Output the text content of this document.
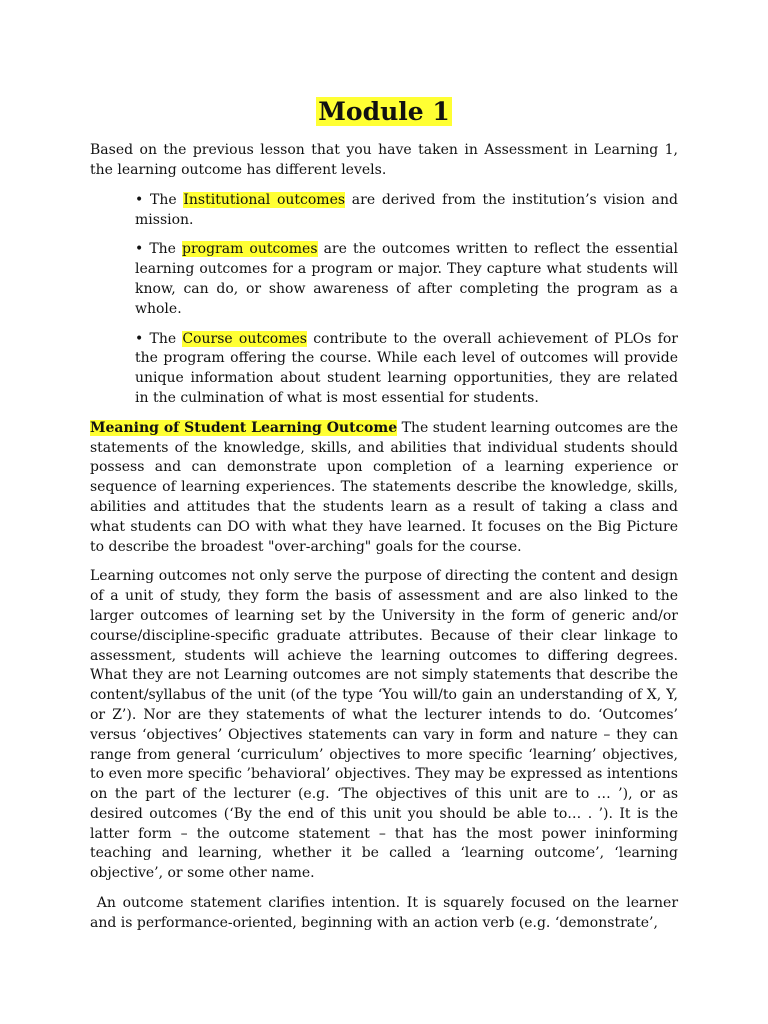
Module 1

Based on the previous lesson that you have taken in Assessment in Learning 1, the learning outcome has different levels.

• The Institutional outcomes are derived from the institution’s vision and mission.

• The program outcomes are the outcomes written to reflect the essential learning outcomes for a program or major. They capture what students will know, can do, or show awareness of after completing the program as a whole.

• The Course outcomes contribute to the overall achievement of PLOs for the program offering the course. While each level of outcomes will provide unique information about student learning opportunities, they are related in the culmination of what is most essential for students.

Meaning of Student Learning Outcome The student learning outcomes are the statements of the knowledge, skills, and abilities that individual students should possess and can demonstrate upon completion of a learning experience or sequence of learning experiences. The statements describe the knowledge, skills, abilities and attitudes that the students learn as a result of taking a class and what students can DO with what they have learned. It focuses on the Big Picture to describe the broadest "over-arching" goals for the course.

Learning outcomes not only serve the purpose of directing the content and design of a unit of study, they form the basis of assessment and are also linked to the larger outcomes of learning set by the University in the form of generic and/or course/discipline-specific graduate attributes. Because of their clear linkage to assessment, students will achieve the learning outcomes to differing degrees. What they are not Learning outcomes are not simply statements that describe the content/syllabus of the unit (of the type ‘You will/to gain an understanding of X, Y, or Z’). Nor are they statements of what the lecturer intends to do. ‘Outcomes’ versus ‘objectives’ Objectives statements can vary in form and nature – they can range from general ‘curriculum’ objectives to more specific ‘learning’ objectives, to even more specific ’behavioral’ objectives. They may be expressed as intentions on the part of the lecturer (e.g. ‘The objectives of this unit are to … ’), or as desired outcomes (‘By the end of this unit you should be able to… . ’). It is the latter form – the outcome statement – that has the most power ininforming teaching and learning, whether it be called a ‘learning outcome’, ‘learning objective’, or some other name.

An outcome statement clarifies intention. It is squarely focused on the learner and is performance-oriented, beginning with an action verb (e.g. ‘demonstrate’,
